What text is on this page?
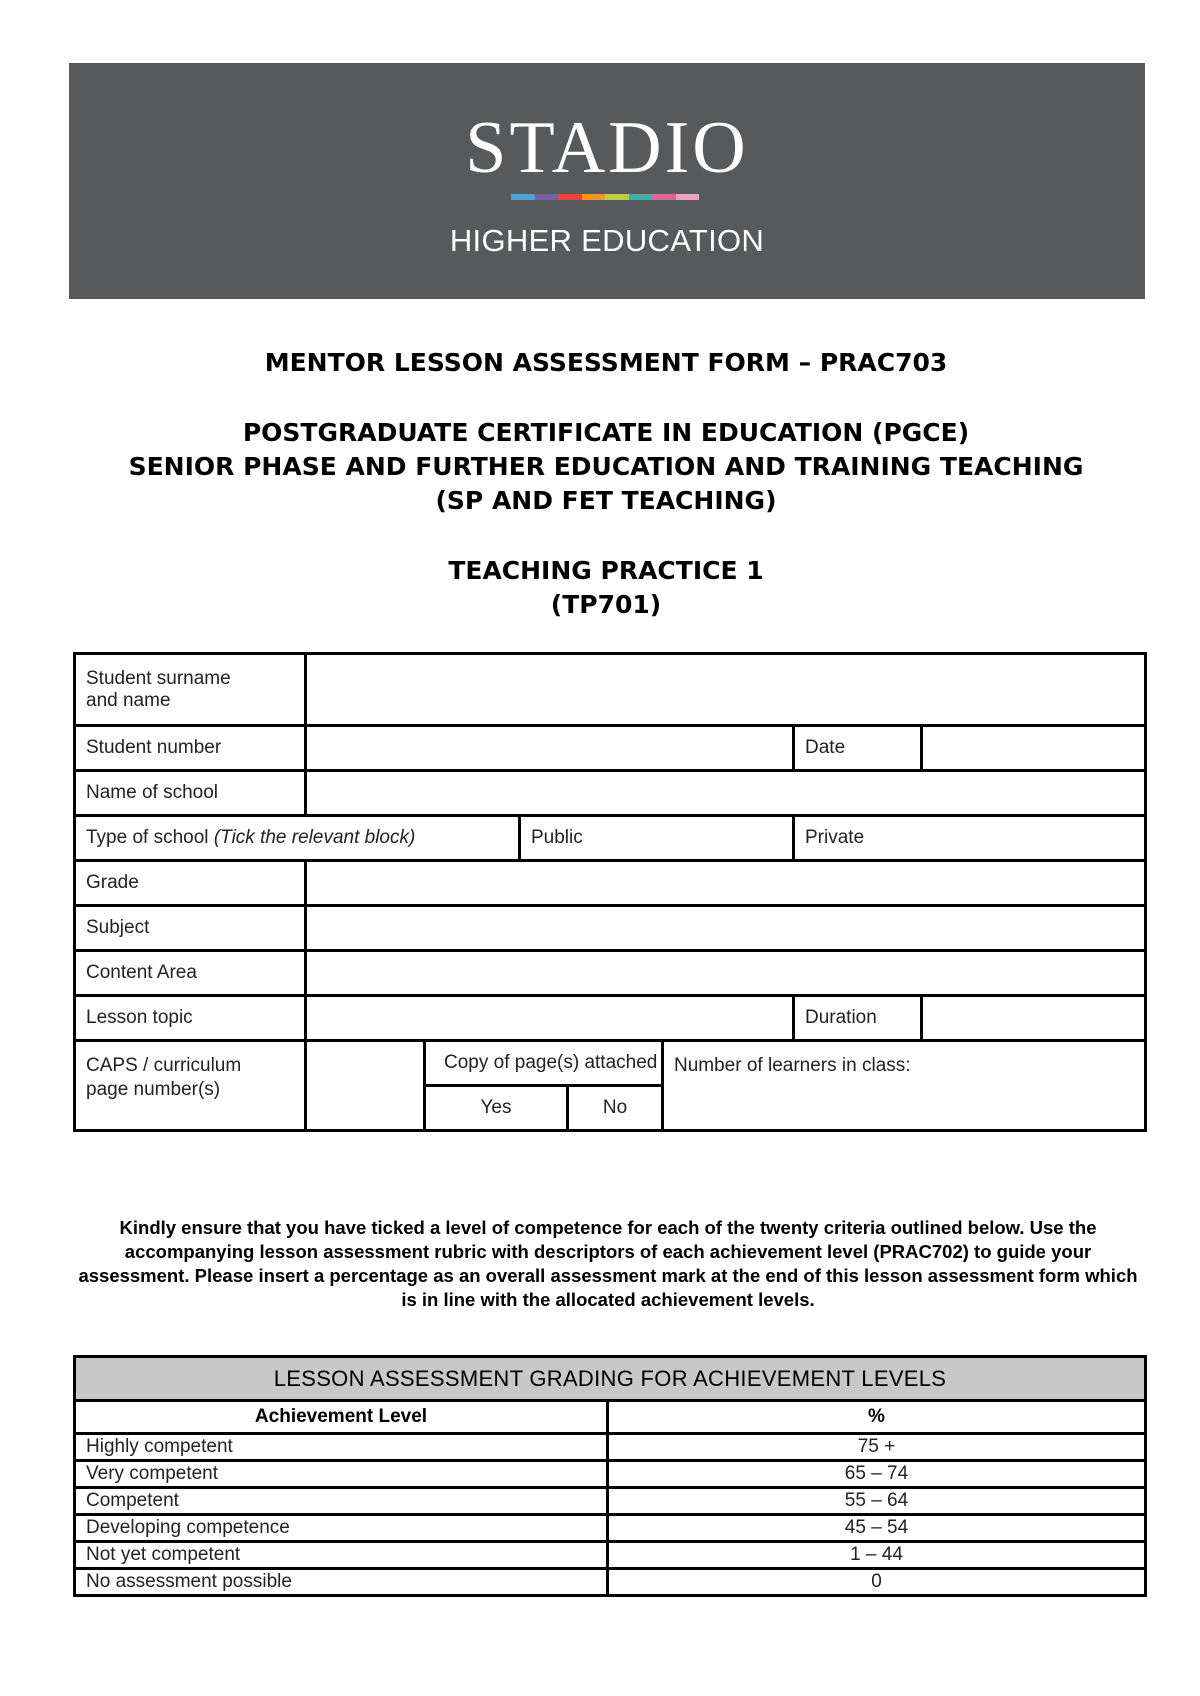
STADIO
HIGHER EDUCATION
MENTOR LESSON ASSESSMENT FORM – PRAC703
POSTGRADUATE CERTIFICATE IN EDUCATION (PGCE)
SENIOR PHASE AND FURTHER EDUCATION AND TRAINING TEACHING
(SP AND FET TEACHING)
TEACHING PRACTICE 1
(TP701)
Student surname
and name							
Student number						Date	
Name of school							
Type of school (Tick the relevant block)			Public			Private	
Grade							
Subject							
Content Area							
Lesson topic						Duration	
CAPS / curriculum
page number(s)		Copy of page(s) attached			Number of learners in class:		
		Yes		No			
Kindly ensure that you have ticked a level of competence for each of the twenty criteria outlined below. Use the accompanying lesson assessment rubric with descriptors of each achievement level (PRAC702) to guide your assessment. Please insert a percentage as an overall assessment mark at the end of this lesson assessment form which is in line with the allocated achievement levels.
LESSON ASSESSMENT GRADING FOR ACHIEVEMENT LEVELS	
Achievement Level	%
Highly competent	75 +
Very competent	65 – 74
Competent	55 – 64
Developing competence	45 – 54
Not yet competent	1 – 44
No assessment possible	0
